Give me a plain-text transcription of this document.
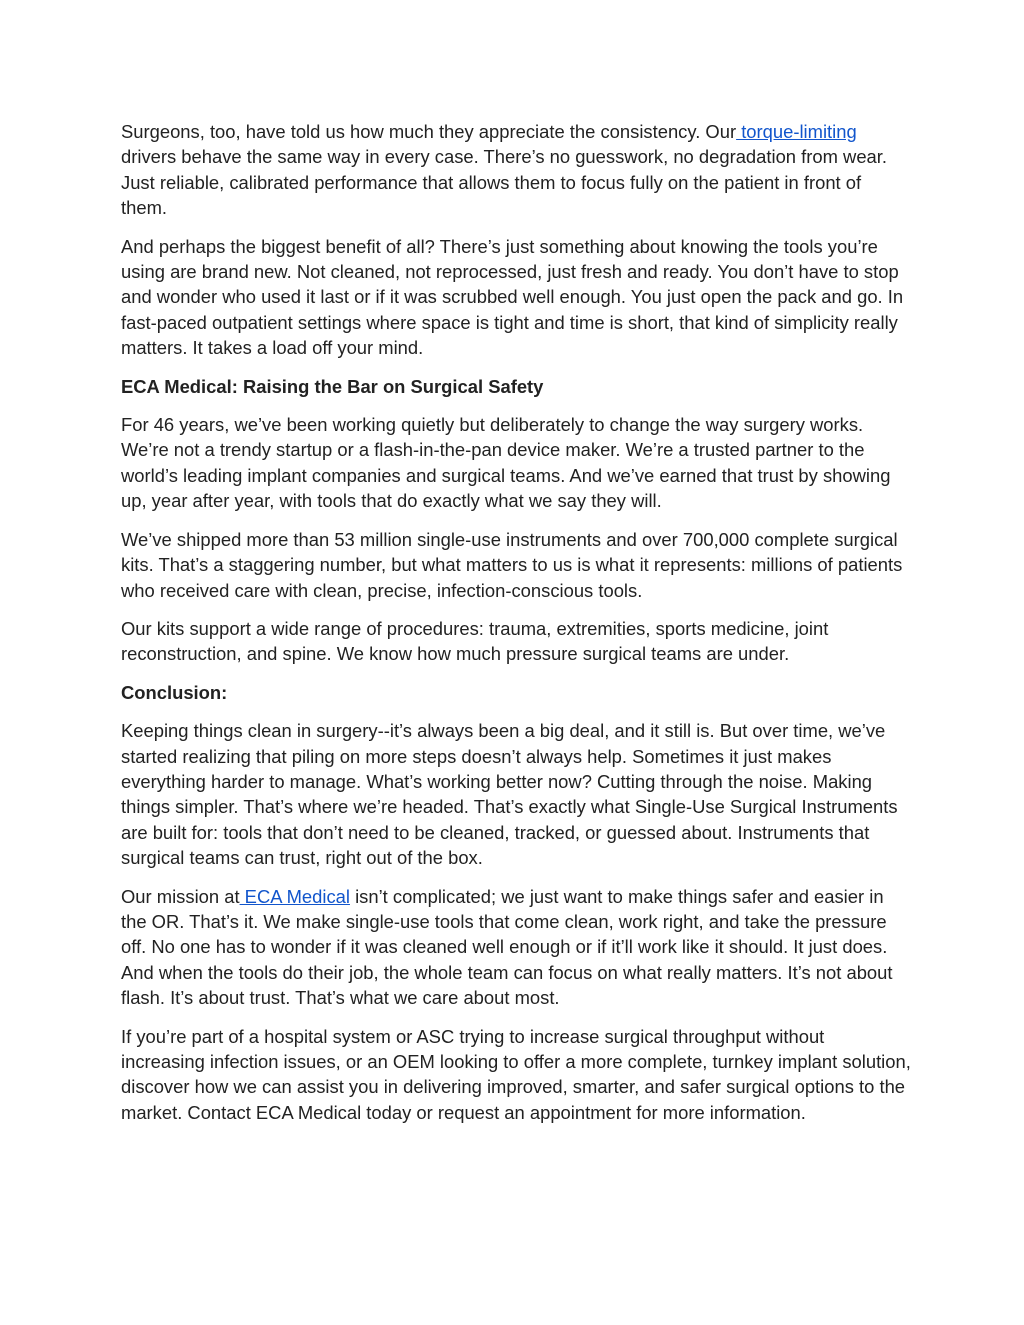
Surgeons, too, have told us how much they appreciate the consistency. Our torque-limiting drivers behave the same way in every case. There’s no guesswork, no degradation from wear. Just reliable, calibrated performance that allows them to focus fully on the patient in front of them.

And perhaps the biggest benefit of all? There’s just something about knowing the tools you’re using are brand new. Not cleaned, not reprocessed, just fresh and ready. You don’t have to stop and wonder who used it last or if it was scrubbed well enough. You just open the pack and go. In fast-paced outpatient settings where space is tight and time is short, that kind of simplicity really matters. It takes a load off your mind.

ECA Medical: Raising the Bar on Surgical Safety

For 46 years, we’ve been working quietly but deliberately to change the way surgery works. We’re not a trendy startup or a flash-in-the-pan device maker. We’re a trusted partner to the world’s leading implant companies and surgical teams. And we’ve earned that trust by showing up, year after year, with tools that do exactly what we say they will.

We’ve shipped more than 53 million single-use instruments and over 700,000 complete surgical kits. That’s a staggering number, but what matters to us is what it represents: millions of patients who received care with clean, precise, infection-conscious tools.

Our kits support a wide range of procedures: trauma, extremities, sports medicine, joint reconstruction, and spine. We know how much pressure surgical teams are under.

Conclusion:

Keeping things clean in surgery--it’s always been a big deal, and it still is. But over time, we’ve started realizing that piling on more steps doesn’t always help. Sometimes it just makes everything harder to manage. What’s working better now? Cutting through the noise. Making things simpler. That’s where we’re headed. That’s exactly what Single-Use Surgical Instruments are built for: tools that don’t need to be cleaned, tracked, or guessed about. Instruments that surgical teams can trust, right out of the box.

Our mission at ECA Medical isn’t complicated; we just want to make things safer and easier in the OR. That’s it. We make single-use tools that come clean, work right, and take the pressure off. No one has to wonder if it was cleaned well enough or if it’ll work like it should. It just does. And when the tools do their job, the whole team can focus on what really matters. It’s not about flash. It’s about trust. That’s what we care about most.

If you’re part of a hospital system or ASC trying to increase surgical throughput without increasing infection issues, or an OEM looking to offer a more complete, turnkey implant solution, discover how we can assist you in delivering improved, smarter, and safer surgical options to the market. Contact ECA Medical today or request an appointment for more information.
